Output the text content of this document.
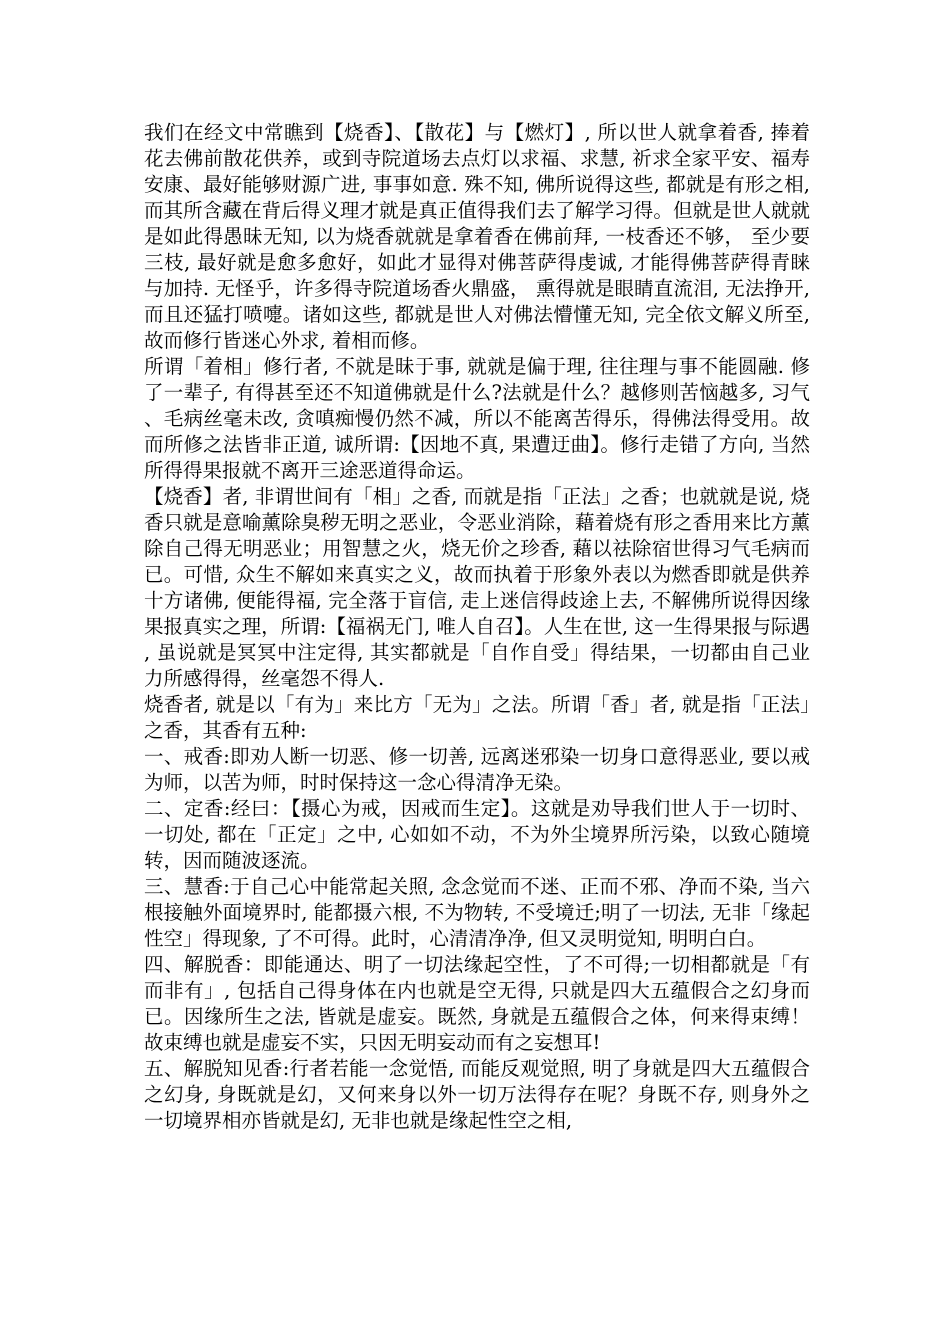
我们在经文中常瞧到【烧香】、【散花】与【燃灯】, 所以世人就拿着香, 捧着花去佛前散花供养，或到寺院道场去点灯以求福、求慧, 祈求全家平安、福寿安康、最好能够财源广进, 事事如意. 殊不知, 佛所说得这些, 都就是有形之相, 而其所含藏在背后得义理才就是真正值得我们去了解学习得。但就是世人就就是如此得愚昧无知, 以为烧香就就是拿着香在佛前拜, 一枝香还不够， 至少要三枝, 最好就是愈多愈好，如此才显得对佛菩萨得虔诚, 才能得佛菩萨得青睐与加持. 无怪乎，许多得寺院道场香火鼎盛， 熏得就是眼睛直流泪, 无法挣开, 而且还猛打喷嚏。诸如这些, 都就是世人对佛法懵懂无知, 完全依文解义所至, 故而修行皆迷心外求, 着相而修。

所谓「着相」修行者, 不就是昧于事, 就就是偏于理, 往往理与事不能圆融. 修了一辈子, 有得甚至还不知道佛就是什么?法就是什么？越修则苦恼越多, 习气、毛病丝毫未改, 贪嗔痴慢仍然不减，所以不能离苦得乐，得佛法得受用。故而所修之法皆非正道, 诚所谓:【因地不真, 果遭迂曲】。修行走错了方向, 当然所得得果报就不离开三途恶道得命运。

【烧香】者, 非谓世间有「相」之香, 而就是指「正法」之香；也就就是说, 烧香只就是意喻薰除臭秽无明之恶业，令恶业消除，藉着烧有形之香用来比方薰除自己得无明恶业；用智慧之火，烧无价之珍香, 藉以祛除宿世得习气毛病而已。可惜, 众生不解如来真实之义，故而执着于形象外表以为燃香即就是供养十方诸佛, 便能得福, 完全落于盲信, 走上迷信得歧途上去, 不解佛所说得因缘果报真实之理，所谓:【福祸无门, 唯人自召】。人生在世, 这一生得果报与际遇, 虽说就是冥冥中注定得, 其实都就是「自作自受」得结果，一切都由自己业力所感得得，丝毫怨不得人.

烧香者, 就是以「有为」来比方「无为」之法。所谓「香」者, 就是指「正法」之香，其香有五种:

一、戒香:即劝人断一切恶、修一切善, 远离迷邪染一切身口意得恶业, 要以戒为师，以苦为师，时时保持这一念心得清净无染。

二、定香:经曰：【摄心为戒，因戒而生定】。这就是劝导我们世人于一切时、一切处, 都在「正定」之中, 心如如不动，不为外尘境界所污染，以致心随境转，因而随波逐流。

三、慧香:于自己心中能常起关照, 念念觉而不迷、正而不邪、净而不染, 当六根接触外面境界时, 能都摄六根, 不为物转, 不受境迁;明了一切法, 无非「缘起性空」得现象, 了不可得。此时，心清清净净, 但又灵明觉知, 明明白白。

四、解脱香：即能通达、明了一切法缘起空性，了不可得;一切相都就是「有而非有」, 包括自己得身体在内也就是空无得, 只就是四大五蕴假合之幻身而已。因缘所生之法, 皆就是虚妄。既然, 身就是五蕴假合之体，何来得束缚！故束缚也就是虚妄不实，只因无明妄动而有之妄想耳!

五、解脱知见香:行者若能一念觉悟, 而能反观觉照, 明了身就是四大五蕴假合之幻身, 身既就是幻，又何来身以外一切万法得存在呢？身既不存, 则身外之一切境界相亦皆就是幻, 无非也就是缘起性空之相,
